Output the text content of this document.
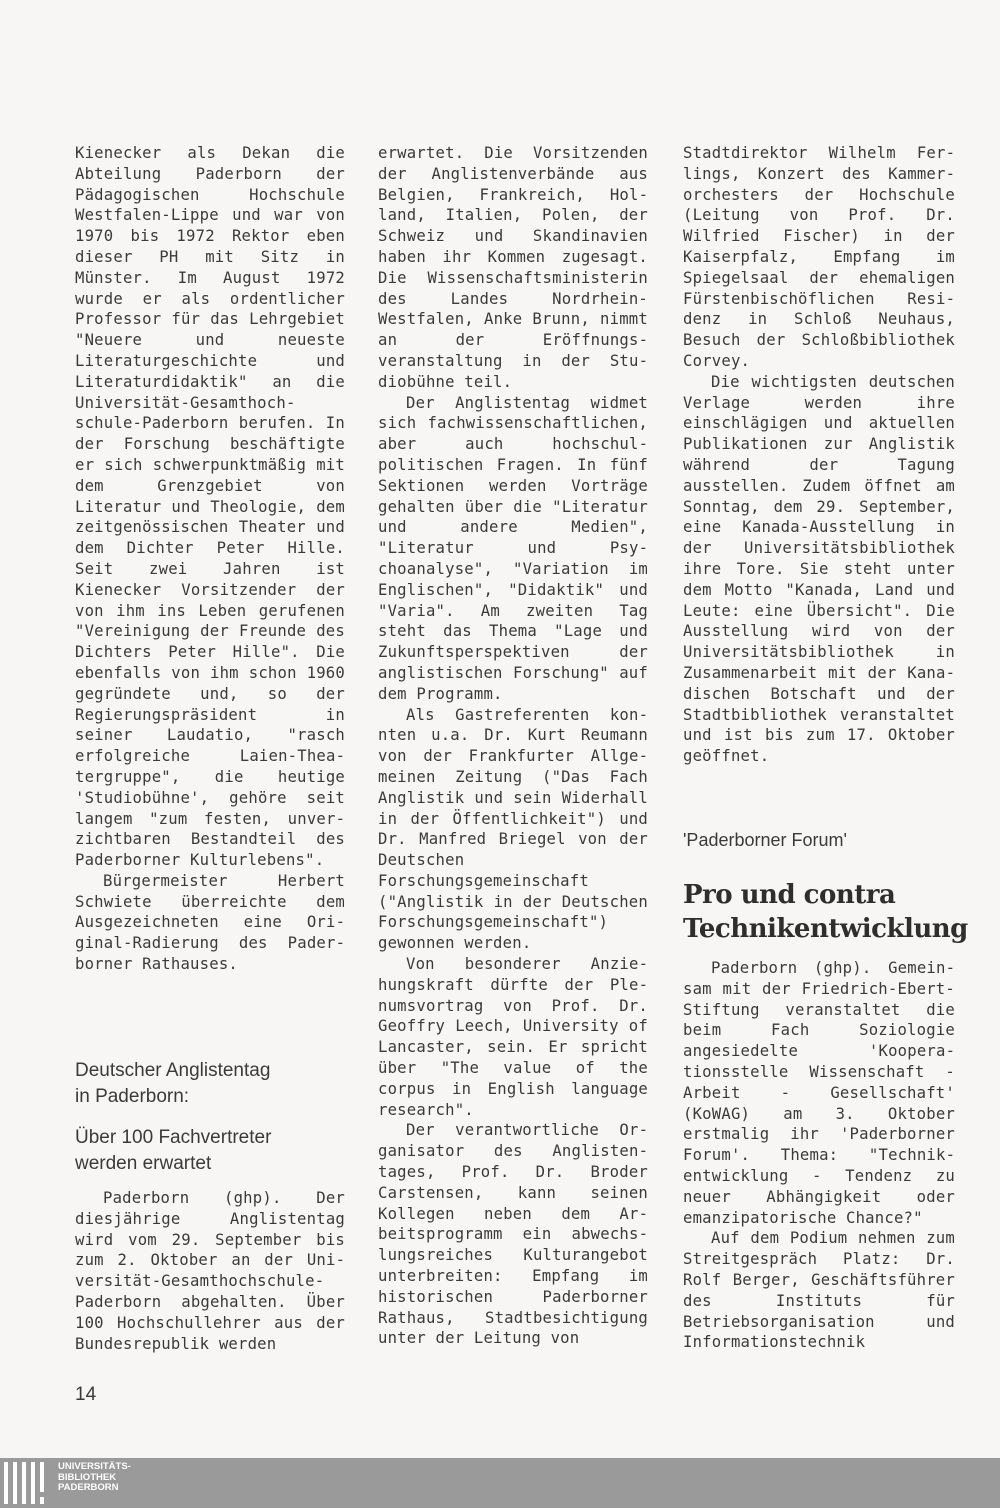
Kienecker als Dekan die Abteilung Paderborn der Pädagogischen Hochschule Westfalen-Lippe und war von 1970 bis 1972 Rektor eben dieser PH mit Sitz in Münster. Im August 1972 wurde er als ordentlicher Professor für das Lehrgebiet "Neuere und neueste Literaturgeschichte und Literaturdidaktik" an die Universität-Gesamthochschule-Paderborn berufen. In der Forschung beschäftigte er sich schwerpunktmäßig mit dem Grenzgebiet von Literatur und Theologie, dem zeitgenössischen Theater und dem Dichter Peter Hille. Seit zwei Jahren ist Kienecker Vorsitzender der von ihm ins Leben gerufenen "Vereinigung der Freunde des Dichters Peter Hille". Die ebenfalls von ihm schon 1960 gegründete und, so der Regierungspräsident in seiner Laudatio, "rasch erfolgreiche Laien-Theatergruppe", die heutige 'Studiobühne', gehöre seit langem "zum festen, unverzichtbaren Bestandteil des Paderborner Kulturlebens".

Bürgermeister Herbert Schwiete überreichte dem Ausgezeichneten eine Original-Radierung des Paderborner Rathauses.

Deutscher Anglistentag
in Paderborn:
Über 100 Fachvertreter
werden erwartet

Paderborn (ghp). Der diesjährige Anglistentag wird vom 29. September bis zum 2. Oktober an der Universität-Gesamthochschule-Paderborn abgehalten. Über 100 Hochschullehrer aus der Bundesrepublik werden

erwartet. Die Vorsitzenden der Anglistenverbände aus Belgien, Frankreich, Holland, Italien, Polen, der Schweiz und Skandinavien haben ihr Kommen zugesagt. Die Wissenschaftsministerin des Landes Nordrhein-Westfalen, Anke Brunn, nimmt an der Eröffnungsveranstaltung in der Studiobühne teil.

Der Anglistentag widmet sich fachwissenschaftlichen, aber auch hochschulpolitischen Fragen. In fünf Sektionen werden Vorträge gehalten über die "Literatur und andere Medien", "Literatur und Psychoanalyse", "Variation im Englischen", "Didaktik" und "Varia". Am zweiten Tag steht das Thema "Lage und Zukunftsperspektiven der anglistischen Forschung" auf dem Programm.

Als Gastreferenten konnten u.a. Dr. Kurt Reumann von der Frankfurter Allgemeinen Zeitung ("Das Fach Anglistik und sein Widerhall in der Öffentlichkeit") und Dr. Manfred Briegel von der Deutschen Forschungsgemeinschaft ("Anglistik in der Deutschen Forschungsgemeinschaft") gewonnen werden.

Von besonderer Anziehungskraft dürfte der Plenumsvortrag von Prof. Dr. Geoffry Leech, University of Lancaster, sein. Er spricht über "The value of the corpus in English language research".

Der verantwortliche Organisator des Anglistentages, Prof. Dr. Broder Carstensen, kann seinen Kollegen neben dem Arbeitsprogramm ein abwechslungsreiches Kulturangebot unterbreiten: Empfang im historischen Paderborner Rathaus, Stadtbesichtigung unter der Leitung von

Stadtdirektor Wilhelm Ferlings, Konzert des Kammerorchesters der Hochschule (Leitung von Prof. Dr. Wilfried Fischer) in der Kaiserpfalz, Empfang im Spiegelsaal der ehemaligen Fürstenbischöflichen Residenz in Schloß Neuhaus, Besuch der Schloßbibliothek Corvey.

Die wichtigsten deutschen Verlage werden ihre einschlägigen und aktuellen Publikationen zur Anglistik während der Tagung ausstellen. Zudem öffnet am Sonntag, dem 29. September, eine Kanada-Ausstellung in der Universitätsbibliothek ihre Tore. Sie steht unter dem Motto "Kanada, Land und Leute: eine Übersicht". Die Ausstellung wird von der Universitätsbibliothek in Zusammenarbeit mit der Kanadischen Botschaft und der Stadtbibliothek veranstaltet und ist bis zum 17. Oktober geöffnet.

'Paderborner Forum'

Pro und contra
Technikentwicklung

Paderborn (ghp). Gemeinsam mit der Friedrich-Ebert-Stiftung veranstaltet die beim Fach Soziologie angesiedelte 'Kooperationsstelle Wissenschaft - Arbeit - Gesellschaft' (KoWAG) am 3. Oktober erstmalig ihr 'Paderborner Forum'. Thema: "Technikentwicklung - Tendenz zu neuer Abhängigkeit oder emanzipatorische Chance?"

Auf dem Podium nehmen zum Streitgespräch Platz: Dr. Rolf Berger, Geschäftsführer des Instituts für Betriebsorganisation und Informationstechnik

14

UNIVERSITÄTS-
BIBLIOTHEK
PADERBORN
